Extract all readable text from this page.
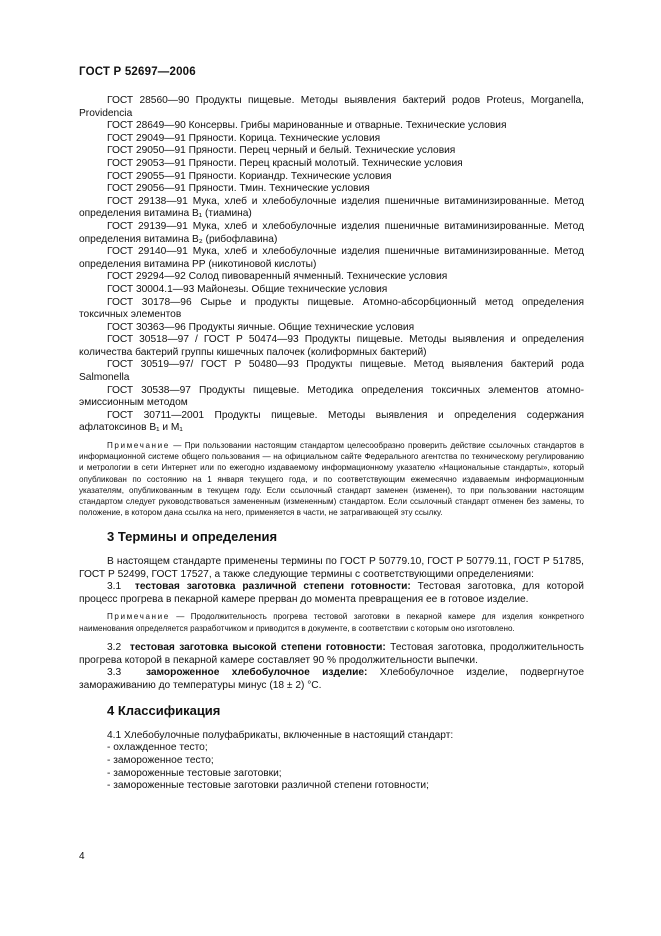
ГОСТ Р 52697—2006

ГОСТ 28560—90 Продукты пищевые. Методы выявления бактерий родов Proteus, Morganella, Providencia

ГОСТ 28649—90 Консервы. Грибы маринованные и отварные. Технические условия

ГОСТ 29049—91 Пряности. Корица. Технические условия

ГОСТ 29050—91 Пряности. Перец черный и белый. Технические условия

ГОСТ 29053—91 Пряности. Перец красный молотый. Технические условия

ГОСТ 29055—91 Пряности. Кориандр. Технические условия

ГОСТ 29056—91 Пряности. Тмин. Технические условия

ГОСТ 29138—91 Мука, хлеб и хлебобулочные изделия пшеничные витаминизированные. Метод определения витамина В₁ (тиамина)

ГОСТ 29139—91 Мука, хлеб и хлебобулочные изделия пшеничные витаминизированные. Метод определения витамина В₂ (рибофлавина)

ГОСТ 29140—91 Мука, хлеб и хлебобулочные изделия пшеничные витаминизированные. Метод определения витамина РР (никотиновой кислоты)

ГОСТ 29294—92 Солод пивоваренный ячменный. Технические условия

ГОСТ 30004.1—93 Майонезы. Общие технические условия

ГОСТ 30178—96 Сырье и продукты пищевые. Атомно-абсорбционный метод определения токсичных элементов

ГОСТ 30363—96 Продукты яичные. Общие технические условия

ГОСТ 30518—97 / ГОСТ Р 50474—93 Продукты пищевые. Методы выявления и определения количества бактерий группы кишечных палочек (колиформных бактерий)

ГОСТ 30519—97/ ГОСТ Р 50480—93 Продукты пищевые. Метод выявления бактерий рода Salmonella

ГОСТ 30538—97 Продукты пищевые. Методика определения токсичных элементов атомно-эмиссионным методом

ГОСТ 30711—2001 Продукты пищевые. Методы выявления и определения содержания афлатоксинов В₁ и М₁

Примечание — При пользовании настоящим стандартом целесообразно проверить действие ссылочных стандартов в информационной системе общего пользования — на официальном сайте Федерального агентства по техническому регулированию и метрологии в сети Интернет или по ежегодно издаваемому информационному указателю «Национальные стандарты», который опубликован по состоянию на 1 января текущего года, и по соответствующим ежемесячно издаваемым информационным указателям, опубликованным в текущем году. Если ссылочный стандарт заменен (изменен), то при пользовании настоящим стандартом следует руководствоваться замененным (измененным) стандартом. Если ссылочный стандарт отменен без замены, то положение, в котором дана ссылка на него, применяется в части, не затрагивающей эту ссылку.

3 Термины и определения

В настоящем стандарте применены термины по ГОСТ Р 50779.10, ГОСТ Р 50779.11, ГОСТ Р 51785, ГОСТ Р 52499, ГОСТ 17527, а также следующие термины с соответствующими определениями:

3.1 тестовая заготовка различной степени готовности: Тестовая заготовка, для которой процесс прогрева в пекарной камере прерван до момента превращения ее в готовое изделие.

Примечание — Продолжительность прогрева тестовой заготовки в пекарной камере для изделия конкретного наименования определяется разработчиком и приводится в документе, в соответствии с которым оно изготовлено.

3.2 тестовая заготовка высокой степени готовности: Тестовая заготовка, продолжительность прогрева которой в пекарной камере составляет 90 % продолжительности выпечки.

3.3 замороженное хлебобулочное изделие: Хлебобулочное изделие, подвергнутое замораживанию до температуры минус (18 ± 2) °С.

4 Классификация

4.1 Хлебобулочные полуфабрикаты, включенные в настоящий стандарт:

- охлажденное тесто;
- замороженное тесто;
- замороженные тестовые заготовки;
- замороженные тестовые заготовки различной степени готовности;
4
